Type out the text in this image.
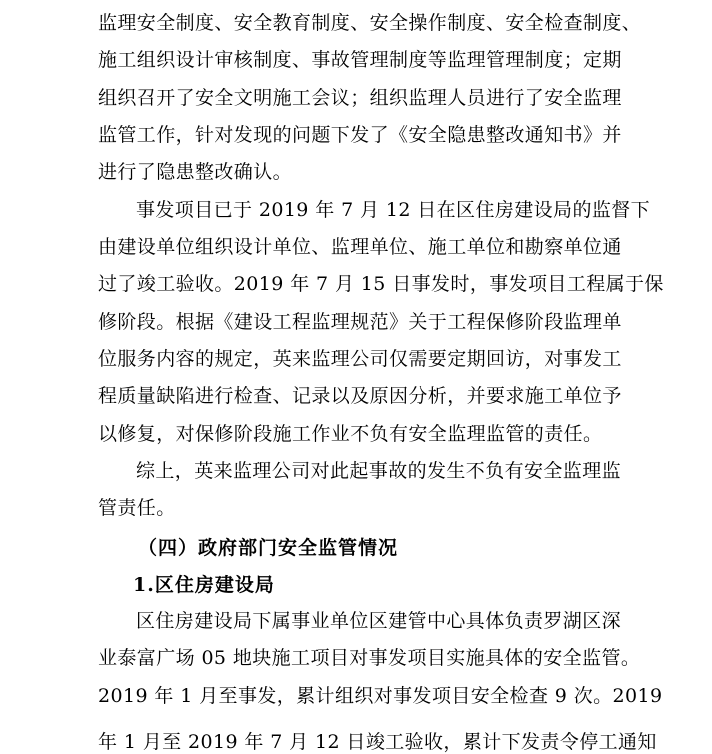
监理安全制度、安全教育制度、安全操作制度、安全检查制度、
施工组织设计审核制度、事故管理制度等监理管理制度；定期
组织召开了安全文明施工会议；组织监理人员进行了安全监理
监管工作，针对发现的问题下发了《安全隐患整改通知书》并
进行了隐患整改确认。
事发项目已于 2019 年 7 月 12 日在区住房建设局的监督下
由建设单位组织设计单位、监理单位、施工单位和勘察单位通
过了竣工验收。2019 年 7 月 15 日事发时，事发项目工程属于保
修阶段。根据《建设工程监理规范》关于工程保修阶段监理单
位服务内容的规定，英来监理公司仅需要定期回访，对事发工
程质量缺陷进行检查、记录以及原因分析，并要求施工单位予
以修复，对保修阶段施工作业不负有安全监理监管的责任。
综上，英来监理公司对此起事故的发生不负有安全监理监
管责任。
（四）政府部门安全监管情况
1.区住房建设局
区住房建设局下属事业单位区建管中心具体负责罗湖区深
业泰富广场 05 地块施工项目对事发项目实施具体的安全监管。
2019 年 1 月至事发，累计组织对事发项目安全检查 9 次。2019
年 1 月至 2019 年 7 月 12 日竣工验收，累计下发责令停工通知
